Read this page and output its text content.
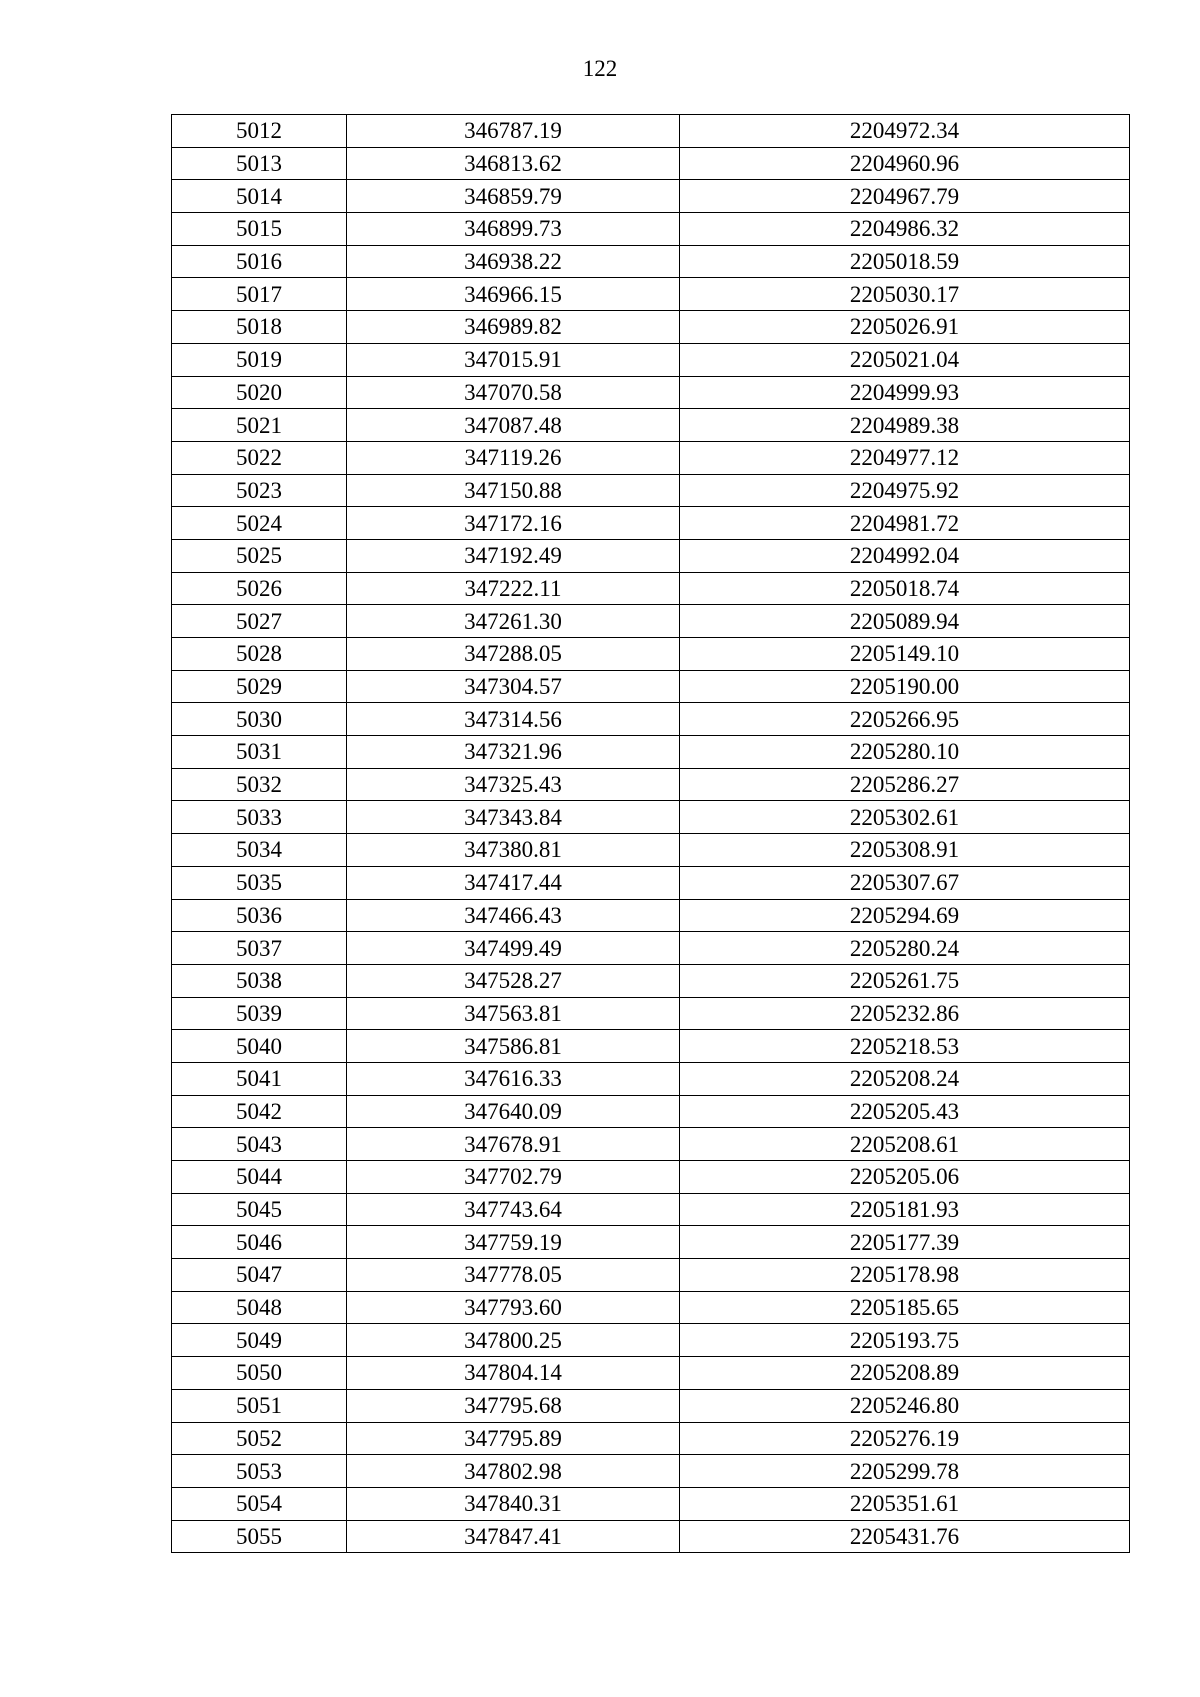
122
5012	346787.19	2204972.34
5013	346813.62	2204960.96
5014	346859.79	2204967.79
5015	346899.73	2204986.32
5016	346938.22	2205018.59
5017	346966.15	2205030.17
5018	346989.82	2205026.91
5019	347015.91	2205021.04
5020	347070.58	2204999.93
5021	347087.48	2204989.38
5022	347119.26	2204977.12
5023	347150.88	2204975.92
5024	347172.16	2204981.72
5025	347192.49	2204992.04
5026	347222.11	2205018.74
5027	347261.30	2205089.94
5028	347288.05	2205149.10
5029	347304.57	2205190.00
5030	347314.56	2205266.95
5031	347321.96	2205280.10
5032	347325.43	2205286.27
5033	347343.84	2205302.61
5034	347380.81	2205308.91
5035	347417.44	2205307.67
5036	347466.43	2205294.69
5037	347499.49	2205280.24
5038	347528.27	2205261.75
5039	347563.81	2205232.86
5040	347586.81	2205218.53
5041	347616.33	2205208.24
5042	347640.09	2205205.43
5043	347678.91	2205208.61
5044	347702.79	2205205.06
5045	347743.64	2205181.93
5046	347759.19	2205177.39
5047	347778.05	2205178.98
5048	347793.60	2205185.65
5049	347800.25	2205193.75
5050	347804.14	2205208.89
5051	347795.68	2205246.80
5052	347795.89	2205276.19
5053	347802.98	2205299.78
5054	347840.31	2205351.61
5055	347847.41	2205431.76
